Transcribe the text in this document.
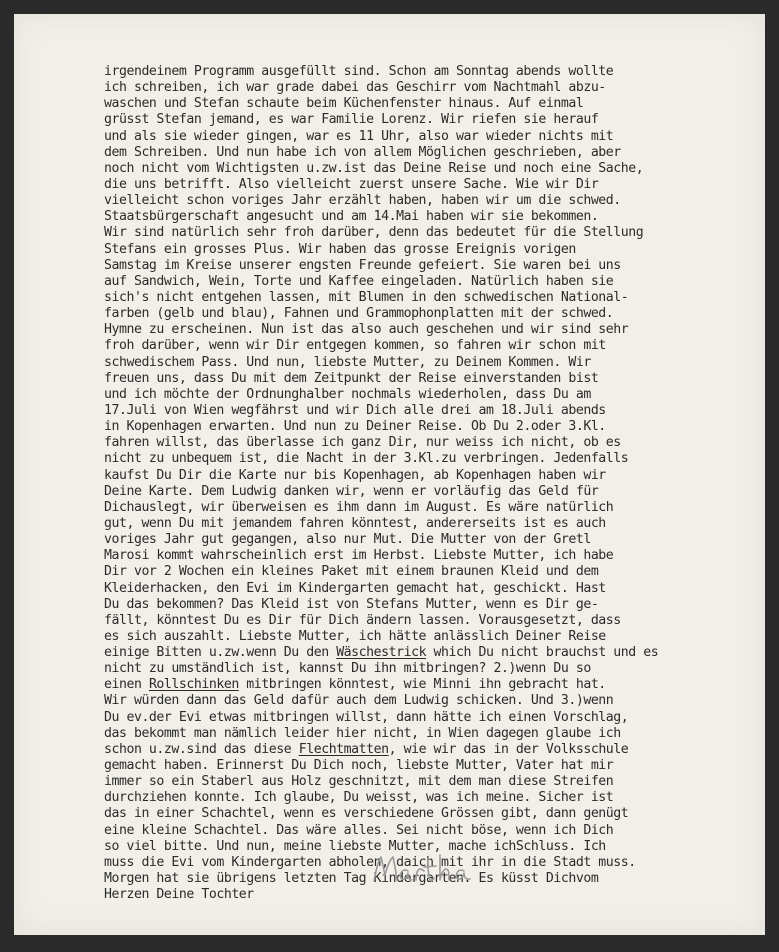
irgendeinem Programm ausgefüllt sind. Schon am Sonntag abends wollte
ich schreiben, ich war grade dabei das Geschirr vom Nachtmahl abzu-
waschen und Stefan schaute beim Küchenfenster hinaus. Auf einmal
grüsst Stefan jemand, es war Familie Lorenz. Wir riefen sie herauf
und als sie wieder gingen, war es 11 Uhr, also war wieder nichts mit
dem Schreiben. Und nun habe ich von allem Möglichen geschrieben, aber
noch nicht vom Wichtigsten u.zw.ist das Deine Reise und noch eine Sache,
die uns betrifft. Also vielleicht zuerst unsere Sache. Wie wir Dir
vielleicht schon voriges Jahr erzählt haben, haben wir um die schwed.
Staatsbürgerschaft angesucht und am 14.Mai haben wir sie bekommen.
Wir sind natürlich sehr froh darüber, denn das bedeutet für die Stellung
Stefans ein grosses Plus. Wir haben das grosse Ereignis vorigen
Samstag im Kreise unserer engsten Freunde gefeiert. Sie waren bei uns
auf Sandwich, Wein, Torte und Kaffee eingeladen. Natürlich haben sie
sich's nicht entgehen lassen, mit Blumen in den schwedischen National-
farben (gelb und blau), Fahnen und Grammophonplatten mit der schwed.
Hymne zu erscheinen. Nun ist das also auch geschehen und wir sind sehr
froh darüber, wenn wir Dir entgegen kommen, so fahren wir schon mit
schwedischem Pass. Und nun, liebste Mutter, zu Deinem Kommen. Wir
freuen uns, dass Du mit dem Zeitpunkt der Reise einverstanden bist
und ich möchte der Ordnunghalber nochmals wiederholen, dass Du am
17.Juli von Wien wegfährst und wir Dich alle drei am 18.Juli abends
in Kopenhagen erwarten. Und nun zu Deiner Reise. Ob Du 2.oder 3.Kl.
fahren willst, das überlasse ich ganz Dir, nur weiss ich nicht, ob es
nicht zu unbequem ist, die Nacht in der 3.Kl.zu verbringen. Jedenfalls
kaufst Du Dir die Karte nur bis Kopenhagen, ab Kopenhagen haben wir
Deine Karte. Dem Ludwig danken wir, wenn er vorläufig das Geld für
Dichauslegt, wir überweisen es ihm dann im August. Es wäre natürlich
gut, wenn Du mit jemandem fahren könntest, andererseits ist es auch
voriges Jahr gut gegangen, also nur Mut. Die Mutter von der Gretl
Marosi kommt wahrscheinlich erst im Herbst. Liebste Mutter, ich habe
Dir vor 2 Wochen ein kleines Paket mit einem braunen Kleid und dem
Kleiderhacken, den Evi im Kindergarten gemacht hat, geschickt. Hast
Du das bekommen? Das Kleid ist von Stefans Mutter, wenn es Dir ge-
fällt, könntest Du es Dir für Dich ändern lassen. Vorausgesetzt, dass
es sich auszahlt. Liebste Mutter, ich hätte anlässlich Deiner Reise
einige Bitten u.zw.wenn Du den Wäschestrick which Du nicht brauchst und es
nicht zu umständlich ist, kannst Du ihn mitbringen? 2.)wenn Du so
einen Rollschinken mitbringen könntest, wie Minni ihn gebracht hat.
Wir würden dann das Geld dafür auch dem Ludwig schicken. Und 3.)wenn
Du ev.der Evi etwas mitbringen willst, dann hätte ich einen Vorschlag,
das bekommt man nämlich leider hier nicht, in Wien dagegen glaube ich
schon u.zw.sind das diese Flechtmatten, wie wir das in der Volksschule
gemacht haben. Erinnerst Du Dich noch, liebste Mutter, Vater hat mir
immer so ein Staberl aus Holz geschnitzt, mit dem man diese Streifen
durchziehen konnte. Ich glaube, Du weisst, was ich meine. Sicher ist
das in einer Schachtel, wenn es verschiedene Grössen gibt, dann genügt
eine kleine Schachtel. Das wäre alles. Sei nicht böse, wenn ich Dich
so viel bitte. Und nun, meine liebste Mutter, mache ichSchluss. Ich
muss die Evi vom Kindergarten abholen, daich mit ihr in die Stadt muss.
Morgen hat sie übrigens letzten Tag Kindergarten. Es küsst Dichvom
Herzen Deine Tochter
Grüsse an Ludwig und Gretl.
